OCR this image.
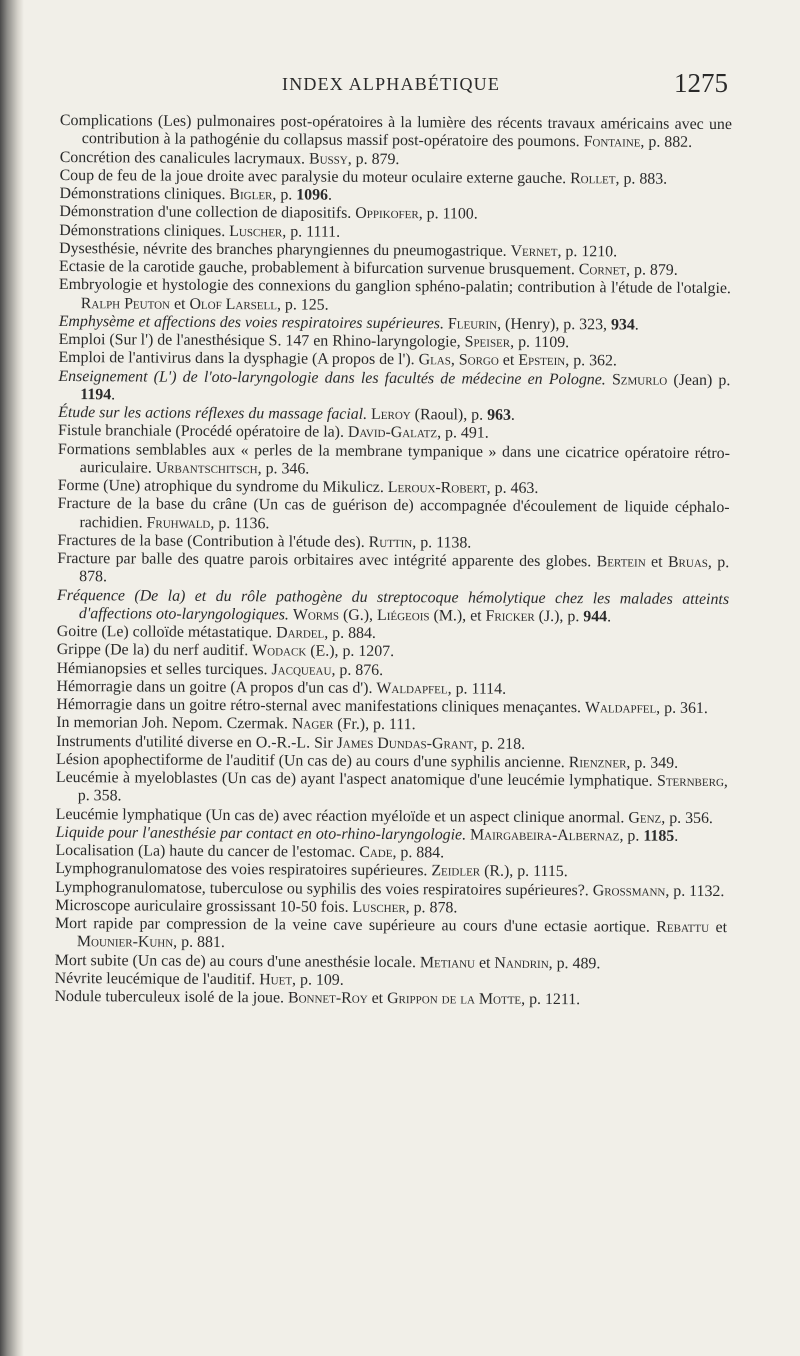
INDEX ALPHABÉTIQUE	1275
Complications (Les) pulmonaires post-opératoires à la lumière des récents travaux américains avec une contribution à la pathogénie du collapsus massif post-opératoire des poumons. Fontaine, p. 882.
Concrétion des canalicules lacrymaux. Bussy, p. 879.
Coup de feu de la joue droite avec paralysie du moteur oculaire externe gauche. Rollet, p. 883.
Démonstrations cliniques. Bigler, p. 1096.
Démonstration d'une collection de diapositifs. Oppikofer, p. 1100.
Démonstrations cliniques. Luscher, p. 1111.
Dysesthésie, névrite des branches pharyngiennes du pneumogastrique. Vernet, p. 1210.
Ectasie de la carotide gauche, probablement à bifurcation survenue brusquement. Cornet, p. 879.
Embryologie et hystologie des connexions du ganglion sphéno-palatin; contribution à l'étude de l'otalgie. Ralph Peuton et Olof Larsell, p. 125.
Emphysème et affections des voies respiratoires supérieures. Fleurin, (Henry), p. 323, 934.
Emploi (Sur l') de l'anesthésique S. 147 en Rhino-laryngologie, Speiser, p. 1109.
Emploi de l'antivirus dans la dysphagie (A propos de l'). Glas, Sorgo et Epstein, p. 362.
Enseignement (L') de l'oto-laryngologie dans les facultés de médecine en Pologne. Szmurlo (Jean) p. 1194.
Étude sur les actions réflexes du massage facial. Leroy (Raoul), p. 963.
Fistule branchiale (Procédé opératoire de la). David-Galatz, p. 491.
Formations semblables aux « perles de la membrane tympanique » dans une cicatrice opératoire rétro-auriculaire. Urbantschitsch, p. 346.
Forme (Une) atrophique du syndrome du Mikulicz. Leroux-Robert, p. 463.
Fracture de la base du crâne (Un cas de guérison de) accompagnée d'écoulement de liquide céphalo-rachidien. Fruhwald, p. 1136.
Fractures de la base (Contribution à l'étude des). Ruttin, p. 1138.
Fracture par balle des quatre parois orbitaires avec intégrité apparente des globes. Bertein et Bruas, p. 878.
Fréquence (De la) et du rôle pathogène du streptocoque hémolytique chez les malades atteints d'affections oto-laryngologiques. Worms (G.), Liégeois (M.), et Fricker (J.), p. 944.
Goitre (Le) colloïde métastatique. Dardel, p. 884.
Grippe (De la) du nerf auditif. Wodack (E.), p. 1207.
Hémianopsies et selles turciques. Jacqueau, p. 876.
Hémorragie dans un goitre (A propos d'un cas d'). Waldapfel, p. 1114.
Hémorragie dans un goitre rétro-sternal avec manifestations cliniques menaçantes. Waldapfel, p. 361.
In memorian Joh. Nepom. Czermak. Nager (Fr.), p. 111.
Instruments d'utilité diverse en O.-R.-L. Sir James Dundas-Grant, p. 218.
Lésion apophectiforme de l'auditif (Un cas de) au cours d'une syphilis ancienne. Rienzner, p. 349.
Leucémie à myeloblastes (Un cas de) ayant l'aspect anatomique d'une leucémie lymphatique. Sternberg, p. 358.
Leucémie lymphatique (Un cas de) avec réaction myéloïde et un aspect clinique anormal. Genz, p. 356.
Liquide pour l'anesthésie par contact en oto-rhino-laryngologie. Mairgabeira-Albernaz, p. 1185.
Localisation (La) haute du cancer de l'estomac. Cade, p. 884.
Lymphogranulomatose des voies respiratoires supérieures. Zeidler (R.), p. 1115.
Lymphogranulomatose, tuberculose ou syphilis des voies respiratoires supérieures?. Grossmann, p. 1132.
Microscope auriculaire grossissant 10-50 fois. Luscher, p. 878.
Mort rapide par compression de la veine cave supérieure au cours d'une ectasie aortique. Rebattu et Mounier-Kuhn, p. 881.
Mort subite (Un cas de) au cours d'une anesthésie locale. Metianu et Nandrin, p. 489.
Névrite leucémique de l'auditif. Huet, p. 109.
Nodule tuberculeux isolé de la joue. Bonnet-Roy et Grippon de la Motte, p. 1211.
